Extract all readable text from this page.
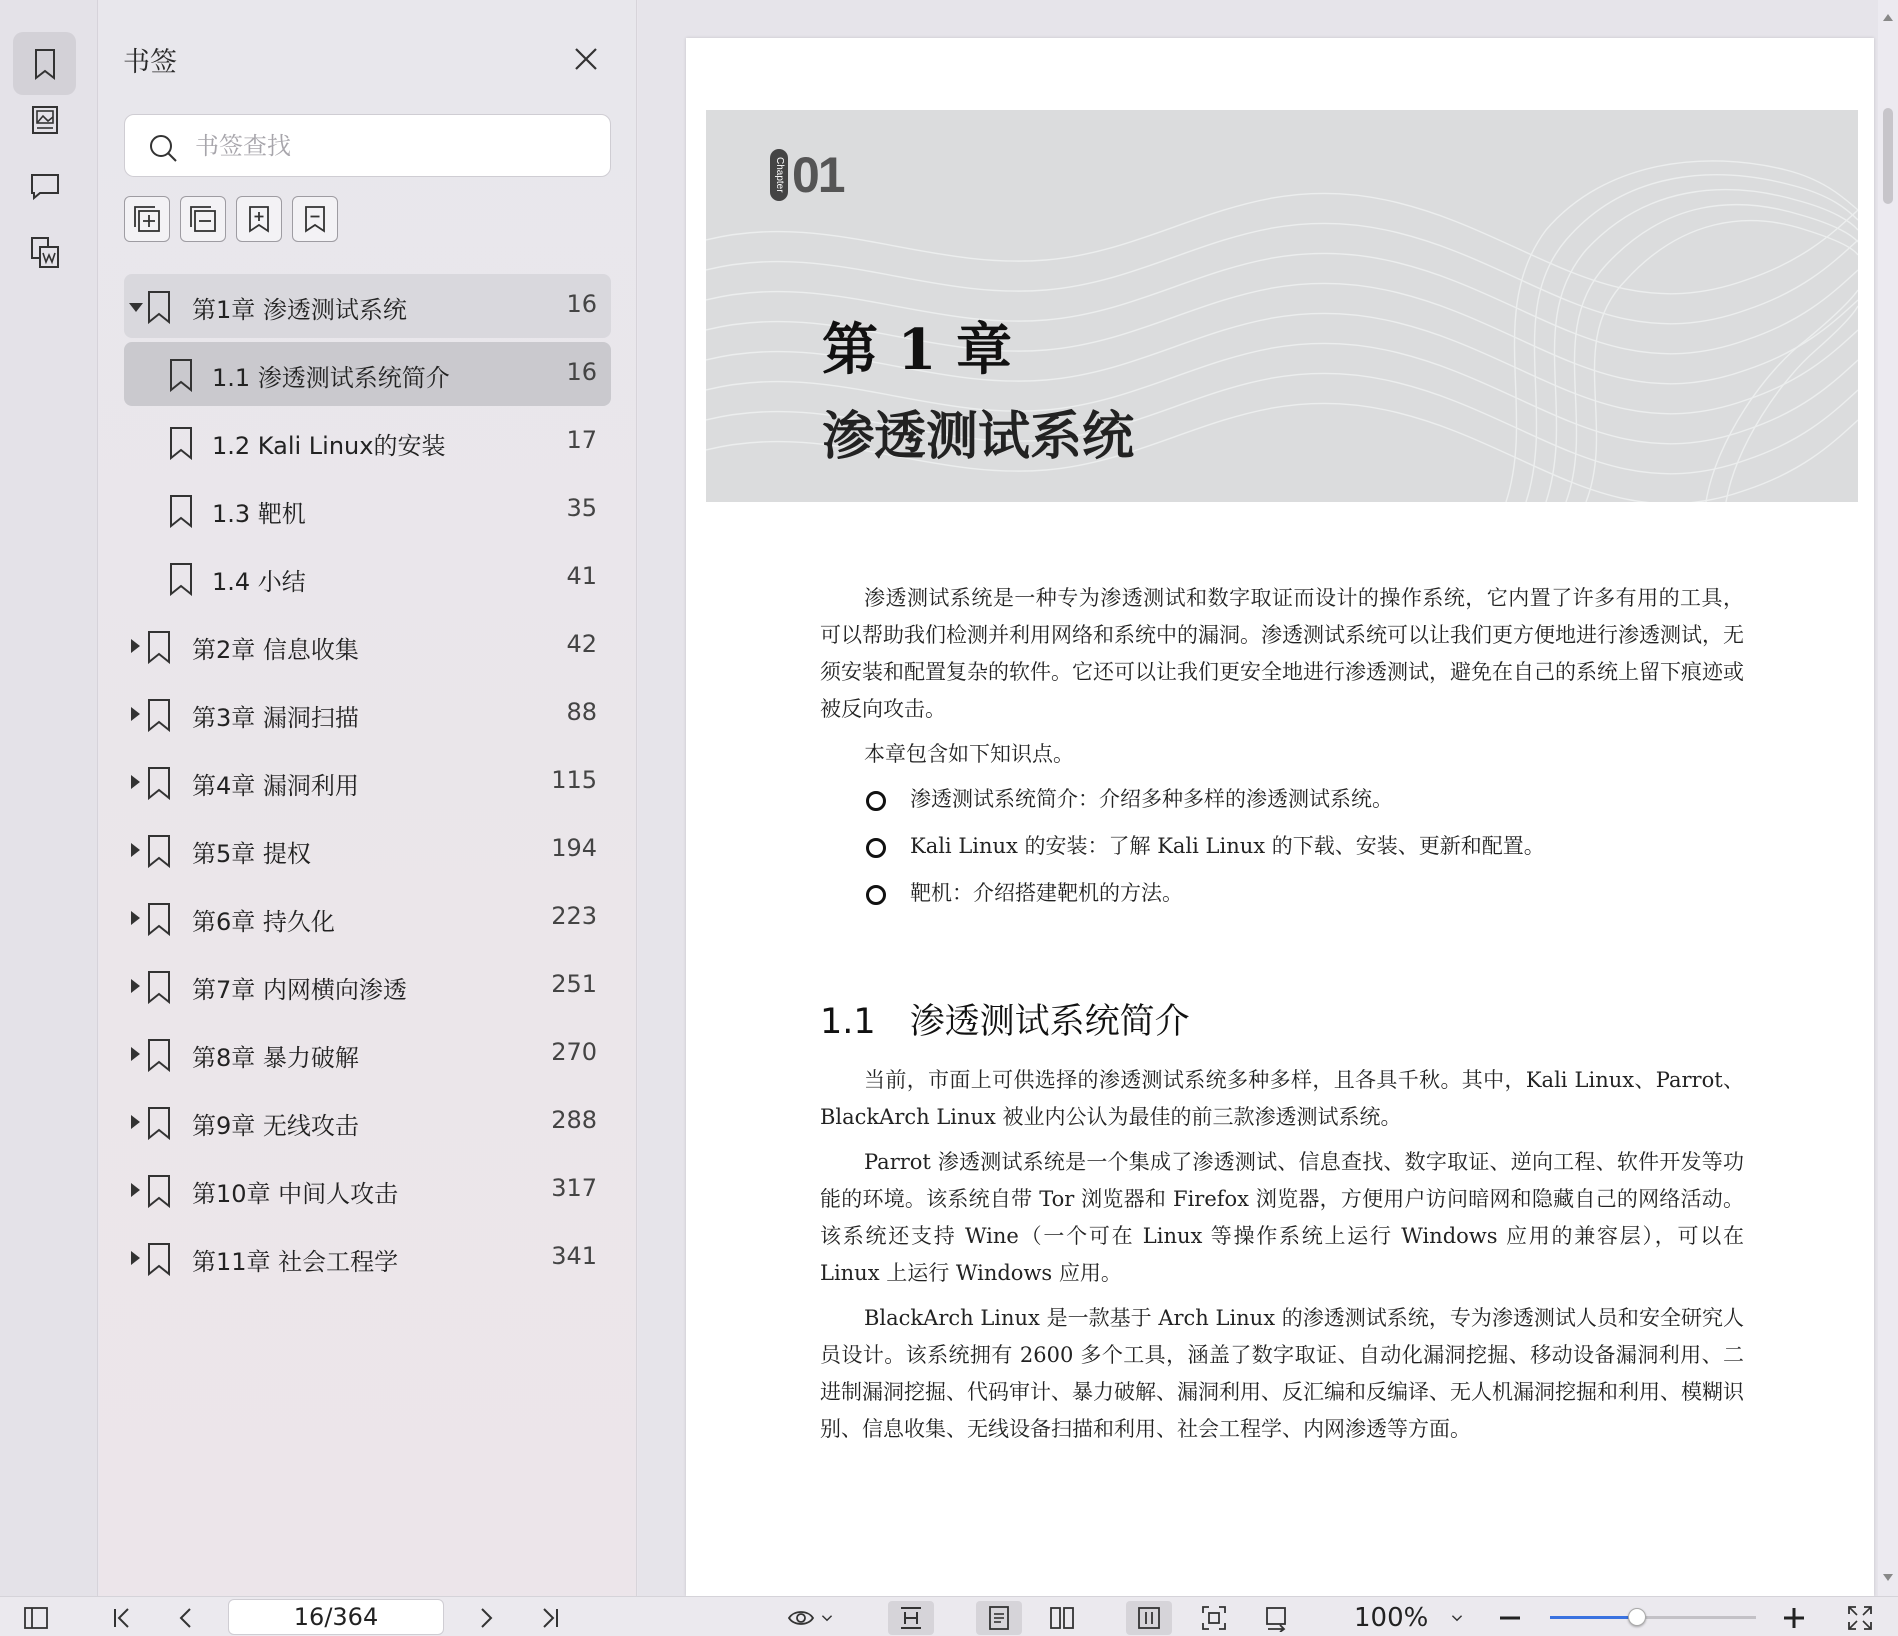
书签
书签查找
第1章 渗透测试系统	16
1.1 渗透测试系统简介	16
1.2 Kali Linux的安装	17
1.3 靶机	35
1.4 小结	41
第2章 信息收集	42
第3章 漏洞扫描	88
第4章 漏洞利用	115
第5章 提权	194
第6章 持久化	223
第7章 内网横向渗透	251
第8章 暴力破解	270
第9章 无线攻击	288
第10章 中间人攻击	317
第11章 社会工程学	341
Chapter 01
第 1 章
渗透测试系统

渗透测试系统是一种专为渗透测试和数字取证而设计的操作系统，它内置了许多有用的工具，可以帮助我们检测并利用网络和系统中的漏洞。渗透测试系统可以让我们更方便地进行渗透测试，无须安装和配置复杂的软件。它还可以让我们更安全地进行渗透测试，避免在自己的系统上留下痕迹或被反向攻击。

本章包含如下知识点。

渗透测试系统简介：介绍多种多样的渗透测试系统。
Kali Linux 的安装：了解 Kali Linux 的下载、安装、更新和配置。
靶机：介绍搭建靶机的方法。
1.1 渗透测试系统简介

当前，市面上可供选择的渗透测试系统多种多样，且各具千秋。其中，Kali Linux、Parrot、BlackArch Linux 被业内公认为最佳的前三款渗透测试系统。

Parrot 渗透测试系统是一个集成了渗透测试、信息查找、数字取证、逆向工程、软件开发等功能的环境。该系统自带 Tor 浏览器和 Firefox 浏览器，方便用户访问暗网和隐藏自己的网络活动。该系统还支持 Wine（一个可在 Linux 等操作系统上运行 Windows 应用的兼容层），可以在 Linux 上运行 Windows 应用。

BlackArch Linux 是一款基于 Arch Linux 的渗透测试系统，专为渗透测试人员和安全研究人员设计。该系统拥有 2600 多个工具，涵盖了数字取证、自动化漏洞挖掘、移动设备漏洞利用、二进制漏洞挖掘、代码审计、暴力破解、漏洞利用、反汇编和反编译、无人机漏洞挖掘和利用、模糊识别、信息收集、无线设备扫描和利用、社会工程学、内网渗透等方面。

16/364	100%
